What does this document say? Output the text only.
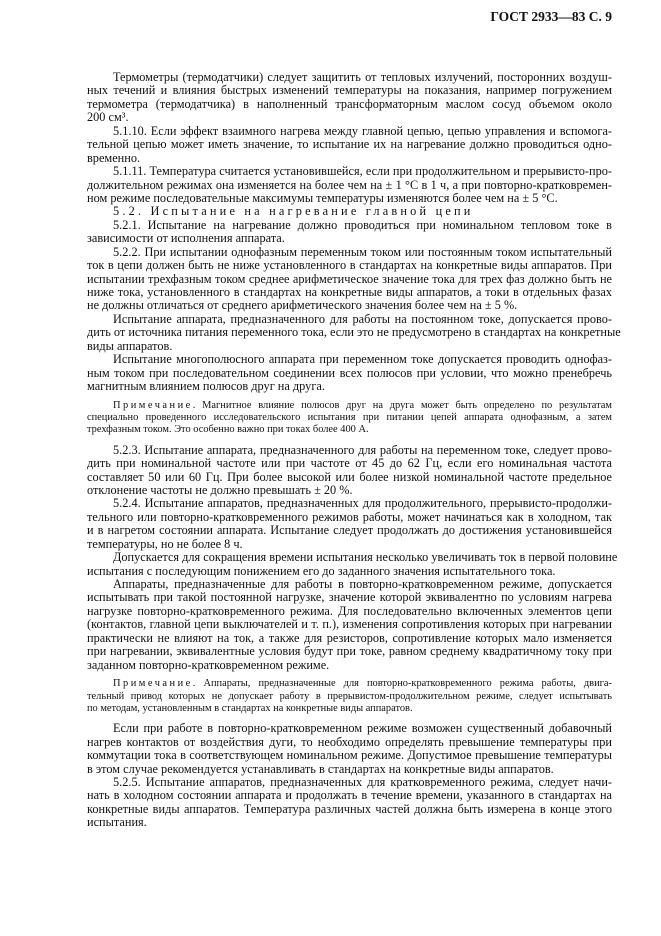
ГОСТ 2933—83 С. 9
Термометры (термодатчики) следует защитить от тепловых излучений, посторонних воздуш-
ных течений и влияния быстрых изменений температуры на показания, например погружением
термометра (термодатчика) в наполненный трансформаторным маслом сосуд объемом около
200 см³.
5.1.10. Если эффект взаимного нагрева между главной цепью, цепью управления и вспомога-
тельной цепью может иметь значение, то испытание их на нагревание должно проводиться одно-
временно.
5.1.11. Температура считается установившейся, если при продолжительном и прерывисто-про-
должительном режимах она изменяется на более чем на ± 1 °C в 1 ч, а при повторно-кратковремен-
ном режиме последовательные максимумы температуры изменяются более чем на ± 5 °C.
5.2. Испытание на нагревание главной цепи
5.2.1. Испытание на нагревание должно проводиться при номинальном тепловом токе в
зависимости от исполнения аппарата.
5.2.2. При испытании однофазным переменным током или постоянным током испытательный
ток в цепи должен быть не ниже установленного в стандартах на конкретные виды аппаратов. При
испытании трехфазным током среднее арифметическое значение тока для трех фаз должно быть не
ниже тока, установленного в стандартах на конкретные виды аппаратов, а токи в отдельных фазах
не должны отличаться от среднего арифметического значения более чем на ± 5 %.
Испытание аппарата, предназначенного для работы на постоянном токе, допускается прово-
дить от источника питания переменного тока, если это не предусмотрено в стандартах на конкретные
виды аппаратов.
Испытание многополюсного аппарата при переменном токе допускается проводить однофаз-
ным током при последовательном соединении всех полюсов при условии, что можно пренебречь
магнитным влиянием полюсов друг на друга.
Примечание. Магнитное влияние полюсов друг на друга может быть определено по результатам
специально проведенного исследовательского испытания при питании цепей аппарата однофазным, а затем
трехфазным током. Это особенно важно при токах более 400 А.
5.2.3. Испытание аппарата, предназначенного для работы на переменном токе, следует прово-
дить при номинальной частоте или при частоте от 45 до 62 Гц, если его номинальная частота
составляет 50 или 60 Гц. При более высокой или более низкой номинальной частоте предельное
отклонение частоты не должно превышать ± 20 %.
5.2.4. Испытание аппаратов, предназначенных для продолжительного, прерывисто-продолжи-
тельного или повторно-кратковременного режимов работы, может начинаться как в холодном, так
и в нагретом состоянии аппарата. Испытание следует продолжать до достижения установившейся
температуры, но не более 8 ч.
Допускается для сокращения времени испытания несколько увеличивать ток в первой половине
испытания с последующим понижением его до заданного значения испытательного тока.
Аппараты, предназначенные для работы в повторно-кратковременном режиме, допускается
испытывать при такой постоянной нагрузке, значение которой эквивалентно по условиям нагрева
нагрузке повторно-кратковременного режима. Для последовательно включенных элементов цепи
(контактов, главной цепи выключателей и т. п.), изменения сопротивления которых при нагревании
практически не влияют на ток, а также для резисторов, сопротивление которых мало изменяется
при нагревании, эквивалентные условия будут при токе, равном среднему квадратичному току при
заданном повторно-кратковременном режиме.
Примечание. Аппараты, предназначенные для повторно-кратковременного режима работы, двига-
тельный привод которых не допускает работу в прерывистом-продолжительном режиме, следует испытывать
по методам, установленным в стандартах на конкретные виды аппаратов.
Если при работе в повторно-кратковременном режиме возможен существенный добавочный
нагрев контактов от воздействия дуги, то необходимо определять превышение температуры при
коммутации тока в соответствующем номинальном режиме. Допустимое превышение температуры
в этом случае рекомендуется устанавливать в стандартах на конкретные виды аппаратов.
5.2.5. Испытание аппаратов, предназначенных для кратковременного режима, следует начи-
нать в холодном состоянии аппарата и продолжать в течение времени, указанного в стандартах на
конкретные виды аппаратов. Температура различных частей должна быть измерена в конце этого
испытания.
